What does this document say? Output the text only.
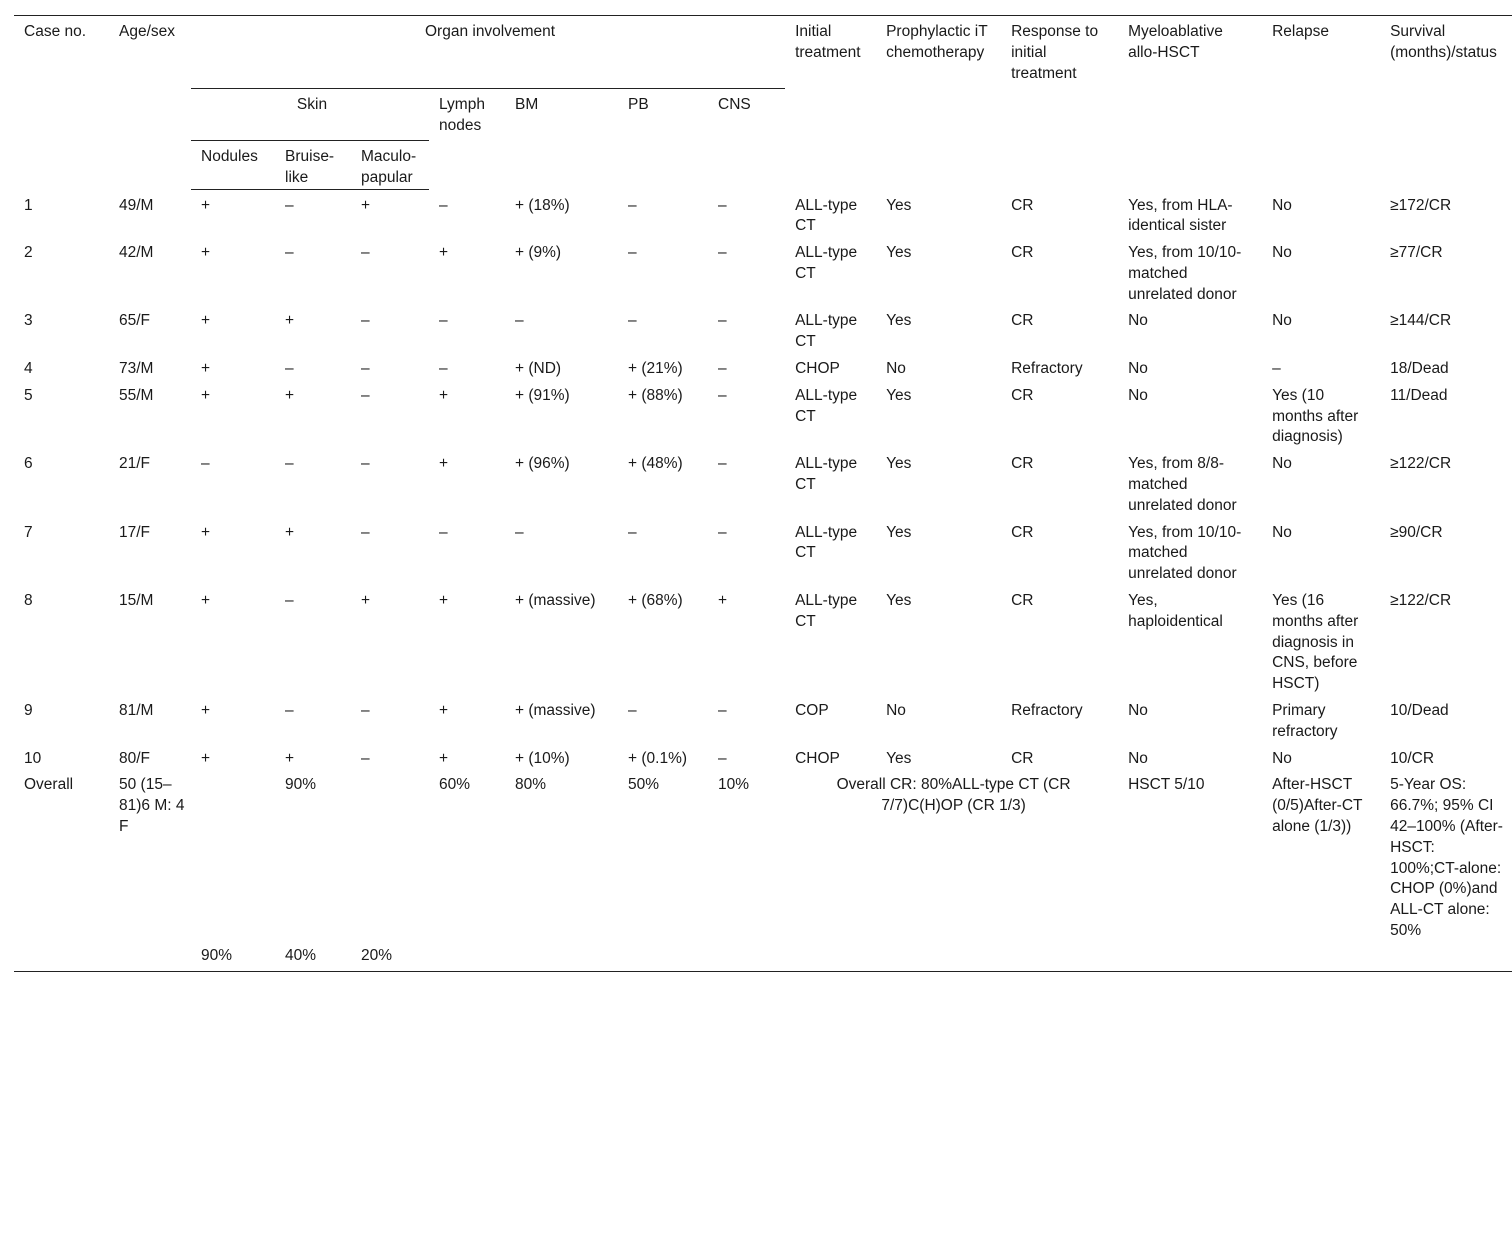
Case no.	Age/sex	Organ involvement							Initial treatment	Prophylactic iT chemotherapy	Response to initial treatment	Myeloablative allo-HSCT	Relapse	Survival (months)/status
		Skin			Lymph nodes	BM	PB	CNS						
		Nodules	Bruise-like	Maculo-papular										
1	49/M	+	–	+	–	+ (18%)	–	–	ALL-type CT	Yes	CR	Yes, from HLA-identical sister	No	≥172/CR
2	42/M	+	–	–	+	+ (9%)	–	–	ALL-type CT	Yes	CR	Yes, from 10/10-matched unrelated donor	No	≥77/CR
3	65/F	+	+	–	–	–	–	–	ALL-type CT	Yes	CR	No	No	≥144/CR
4	73/M	+	–	–	–	+ (ND)	+ (21%)	–	CHOP	No	Refractory	No	–	18/Dead
5	55/M	+	+	–	+	+ (91%)	+ (88%)	–	ALL-type CT	Yes	CR	No	Yes (10 months after diagnosis)	11/Dead
6	21/F	–	–	–	+	+ (96%)	+ (48%)	–	ALL-type CT	Yes	CR	Yes, from 8/8-matched unrelated donor	No	≥122/CR
7	17/F	+	+	–	–	–	–	–	ALL-type CT	Yes	CR	Yes, from 10/10-matched unrelated donor	No	≥90/CR
8	15/M	+	–	+	+	+ (massive)	+ (68%)	+	ALL-type CT	Yes	CR	Yes, haploidentical	Yes (16 months after diagnosis in CNS, before HSCT)	≥122/CR
9	81/M	+	–	–	+	+ (massive)	–	–	COP	No	Refractory	No	Primary refractory	10/Dead
10	80/F	+	+	–	+	+ (10%)	+ (0.1%)	–	CHOP	Yes	CR	No	No	10/CR
Overall	50 (15–81)6 M: 4 F		90%		60%	80%	50%	10%	Overall CR: 80%ALL-type CT (CR 7/7)C(H)OP (CR 1/3)			HSCT 5/10	After-HSCT (0/5)After-CT alone (1/3))	5-Year OS: 66.7%; 95% CI 42–100% (After-HSCT: 100%;CT-alone: CHOP (0%)and ALL-CT alone: 50%
		90%	40%	20%										
